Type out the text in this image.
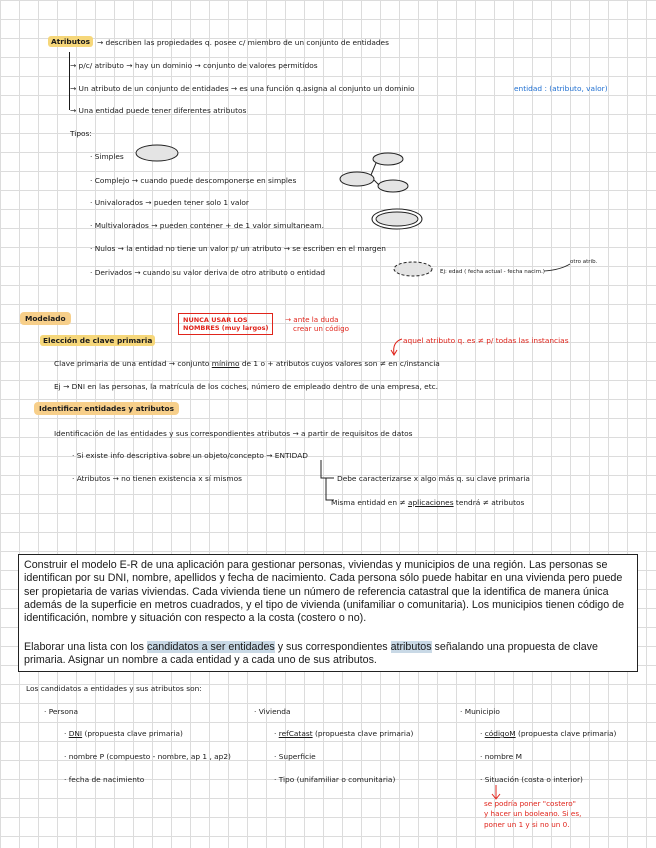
Atributos → describen las propiedades q. posee c/ miembro de un conjunto de entidades
→ p/c/ atributo → hay un dominio → conjunto de valores permitidos
→ Un atributo de un conjunto de entidades → es una función q.asigna al conjunto un dominio	entidad : (atributo, valor)
→ Una entidad puede tener diferentes atributos
Tipos:
· Simples
· Complejo → cuando puede descomponerse en simples
· Univalorados → pueden tener solo 1 valor
· Multivalorados → pueden contener + de 1 valor simultaneam.
· Nulos → la entidad no tiene un valor p/ un atributo → se escriben en el margen
· Derivados → cuando su valor deriva de otro atributo o entidad	Ej: edad ( fecha actual - fecha nacim.)
otro atrib.
Modelado	NUNCA USAR LOS
NOMBRES (muy largos)
→ ante la duda
crear un código
Elección de clave primaria	aquel atributo q. es ≠ p/ todas las instancias
Clave primaria de una entidad → conjunto mínimo de 1 o + atributos cuyos valores son ≠ en c/instancia
Ej → DNI en las personas, la matrícula de los coches, número de empleado dentro de una empresa, etc.
Identificar entidades y atributos
Identificación de las entidades y sus correspondientes atributos → a partir de requisitos de datos
· Si existe info descriptiva sobre un objeto/concepto → ENTIDAD
· Atributos → no tienen existencia x sí mismos	Debe caracterizarse x algo más q. su clave primaria
Misma entidad en ≠ aplicaciones tendrá ≠ atributos

Construir el modelo E-R de una aplicación para gestionar personas, viviendas y municipios de una región. Las personas se identifican por su DNI, nombre, apellidos y fecha de nacimiento. Cada persona sólo puede habitar en una vivienda pero puede ser propietaria de varias viviendas. Cada vivienda tiene un número de referencia catastral que la identifica de manera única además de la superficie en metros cuadrados, y el tipo de vivienda (unifamiliar o comunitaria). Los municipios tienen código de identificación, nombre y situación con respecto a la costa (costero o no).

Elaborar una lista con los candidatos a ser entidades y sus correspondientes atributos señalando una propuesta de clave primaria. Asignar un nombre a cada entidad y a cada uno de sus atributos.

Los candidatos a entidades y sus atributos son:
· Persona
· DNI (propuesta clave primaria)
· nombre P (compuesto - nombre, ap 1 , ap2)
· fecha de nacimiento
· Vivienda
· refCatast (propuesta clave primaria)
· Superficie
· Tipo (unifamiliar o comunitaria)
· Municipio
· códigoM (propuesta clave primaria)
· nombre M
· Situación (costa o interior)
se podría poner "costero"
y hacer un booleano. Si es,
poner un 1 y si no un 0.
